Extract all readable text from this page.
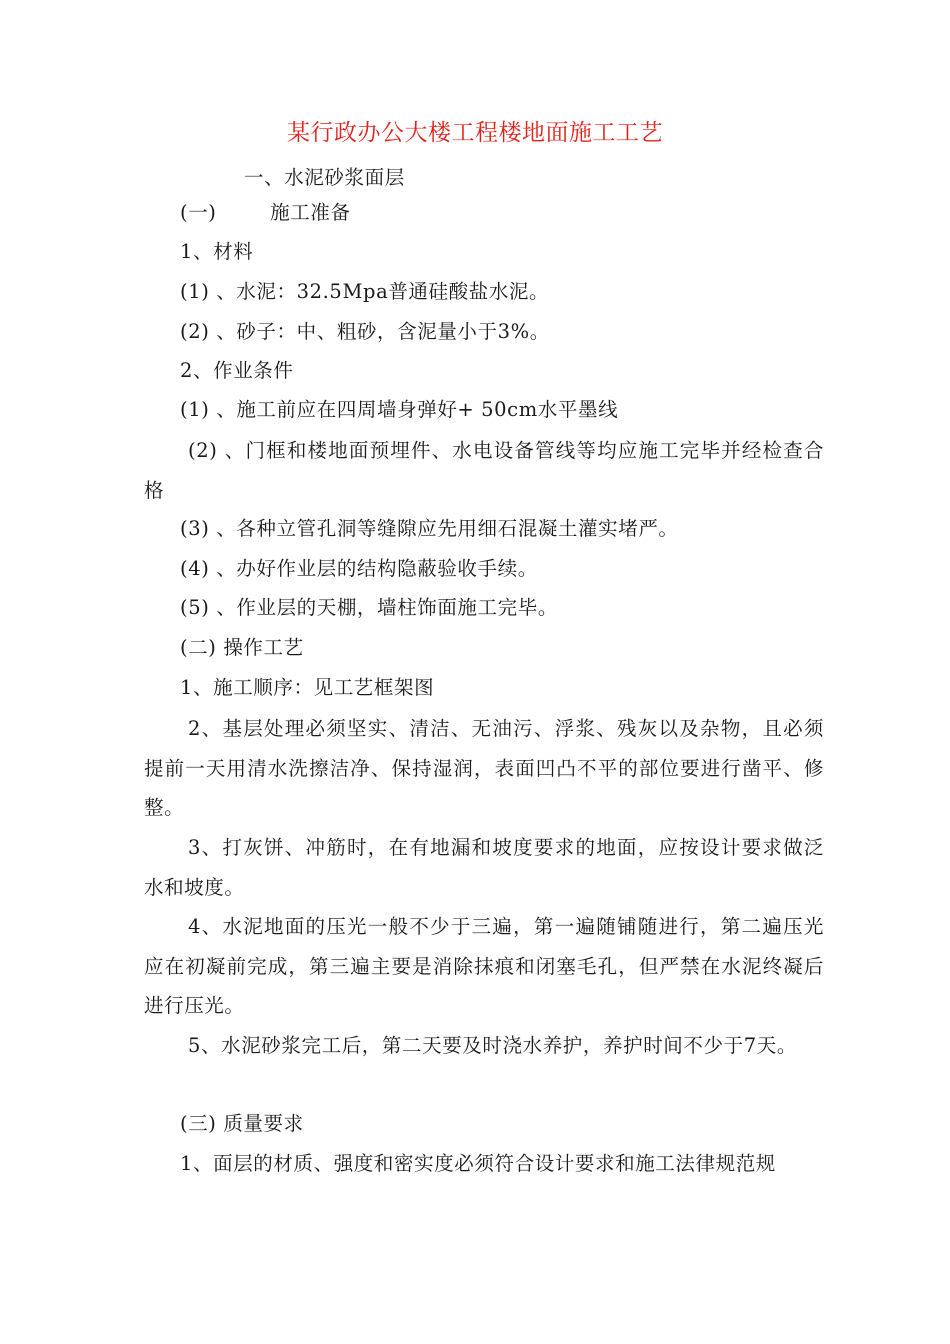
某行政办公大楼工程楼地面施工工艺
一、水泥砂浆面层
(一)	施工准备
1、材料
(1) 、水泥：32.5Mpa普通硅酸盐水泥。
(2) 、砂子：中、粗砂，含泥量小于3%。
2、作业条件
(1) 、施工前应在四周墙身弹好+ 50cm水平墨线
(2) 、门框和楼地面预埋件、水电设备管线等均应施工完毕并经检查合格
(3) 、各种立管孔洞等缝隙应先用细石混凝土灌实堵严。
(4) 、办好作业层的结构隐蔽验收手续。
(5) 、作业层的天棚，墙柱饰面施工完毕。
(二) 操作工艺
1、施工顺序：见工艺框架图
2、基层处理必须坚实、清洁、无油污、浮浆、残灰以及杂物，且必须提前一天用清水洗擦洁净、保持湿润，表面凹凸不平的部位要进行凿平、修整。
3、打灰饼、冲筋时，在有地漏和坡度要求的地面，应按设计要求做泛水和坡度。
4、水泥地面的压光一般不少于三遍，第一遍随铺随进行，第二遍压光应在初凝前完成，第三遍主要是消除抹痕和闭塞毛孔，但严禁在水泥终凝后进行压光。
5、水泥砂浆完工后，第二天要及时浇水养护，养护时间不少于7天。
(三) 质量要求
1、面层的材质、强度和密实度必须符合设计要求和施工法律规范规
